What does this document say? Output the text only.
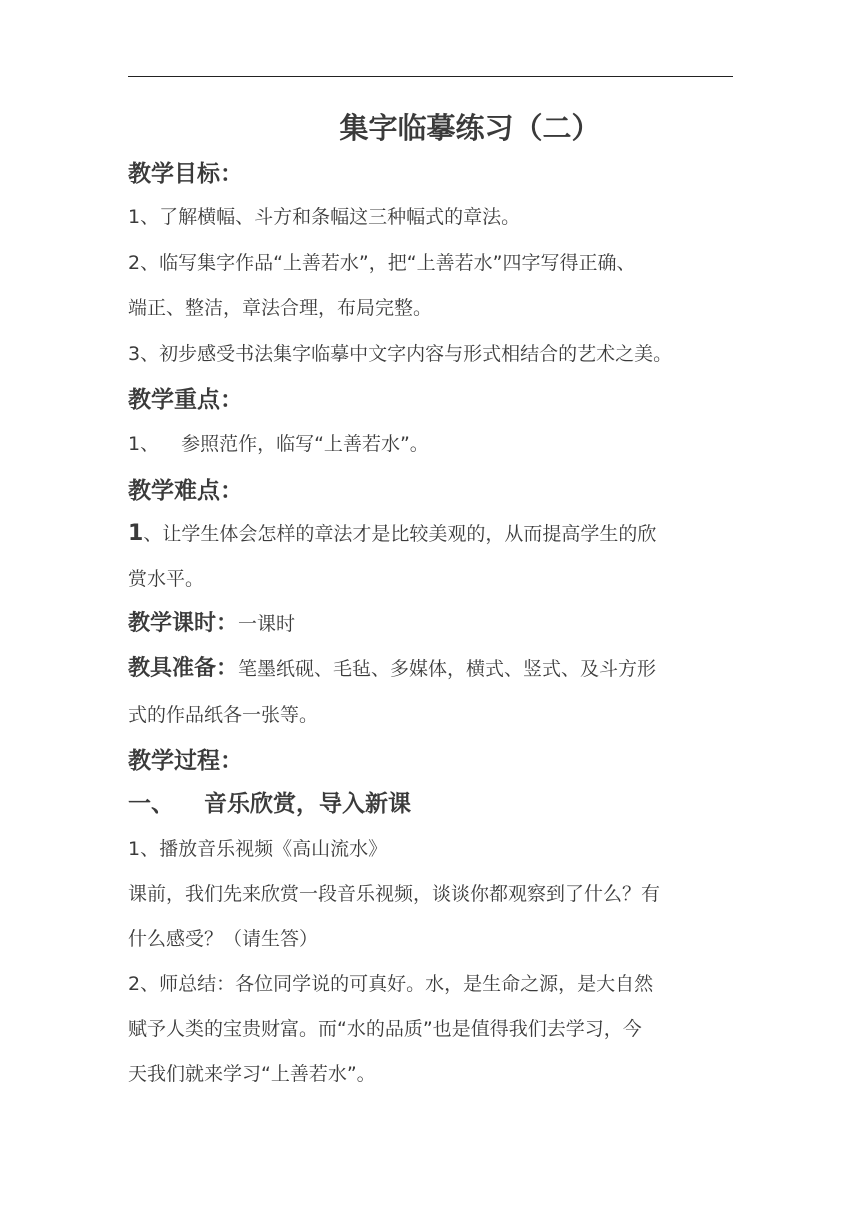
集字临摹练习（二）
教学目标：
1、了解横幅、斗方和条幅这三种幅式的章法。
2、临写集字作品“上善若水”，把“上善若水”四字写得正确、
端正、整洁，章法合理，布局完整。
3、初步感受书法集字临摹中文字内容与形式相结合的艺术之美。
教学重点：
1、 参照范作，临写“上善若水”。
教学难点：
1、让学生体会怎样的章法才是比较美观的，从而提高学生的欣
赏水平。
教学课时：一课时
教具准备：笔墨纸砚、毛毡、多媒体，横式、竖式、及斗方形
式的作品纸各一张等。
教学过程：
一、 音乐欣赏，导入新课
1、播放音乐视频《高山流水》
课前，我们先来欣赏一段音乐视频，谈谈你都观察到了什么？有
什么感受？（请生答）
2、师总结：各位同学说的可真好。水，是生命之源，是大自然
赋予人类的宝贵财富。而“水的品质”也是值得我们去学习，今
天我们就来学习“上善若水”。
